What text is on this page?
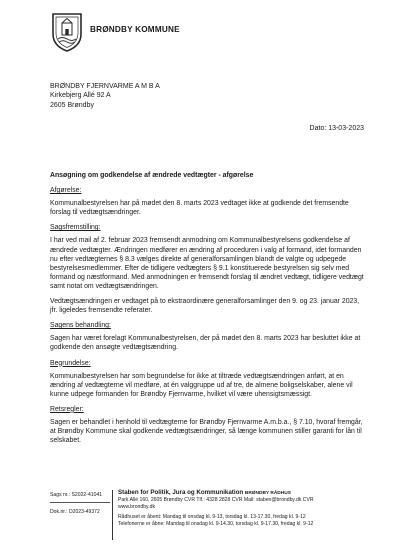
BRØNDBY KOMMUNE
BRØNDBY FJERNVARME A M B A
Kirkebjerg Allé 92 A
2605 Brøndby
Dato: 13-03-2023
Ansøgning om godkendelse af ændrede vedtægter - afgørelse
Afgørelse:
Kommunalbestyrelsen har på mødet den 8. marts 2023 vedtaget ikke at godkende det fremsendte forslag til vedtægtsændringer.
Sagsfremstilling:
I har ved mail af 2. februar 2023 fremsendt anmodning om Kommunalbestyrelsens godkendelse af ændrede vedtægter. Ændringen medfører en ændring af proceduren i valg af formand, idet formanden nu efter vedtægternes § 8.3 vælges direkte af generalforsamlingen blandt de valgte og udpegede bestyrelsesmedlemmer. Efter de tidligere vedtægters § 9.1 konstituerede bestyrelsen sig selv med formand og næstformand. Med anmodningen er fremsendt forslag til ændret vedtægt, tidligere vedtægt samt notat om vedtægtsændringen.
Vedtægtsændringen er vedtaget på to ekstraordinære generalforsamlinger den 9. og 23. januar 2023, jfr. ligeledes fremsendte referater.
Sagens behandling:
Sagen har været forelagt Kommunalbestyrelsen, der på mødet den 8. marts 2023 har besluttet ikke at godkende den ansøgte vedtægtsændring.
Begrundelse:
Kommunalbestyrelsen har som begrundelse for ikke at tiltræde vedtægtsændringen anført, at en ændring af vedtægterne vil medføre, at én valggruppe ud af tre, de almene boligselskaber, alene vil kunne udpege formanden for Brøndby Fjernvarme, hvilket vil være uhensigtsmæssigt.
Retsregler:
Sagen er behandlet i henhold til vedtægterne for Brøndby Fjernvarme A.m.b.a., § 7.10, hvoraf fremgår, at Brøndby Kommune skal godkende vedtægtsændringer, så længe kommunen stiller garanti for lån til selskabet.
Sags nr.: S2022-41041
Dok.nr.: D2023-49372
Staben for Politik, Jura og Kommunikation BRØNDBY RÅDHUS
Park Allé 160, 2605 Brøndby CVR Tlf.: 4328 2828 CVR Mail: staben@brondby.dk CVR
www.brondby.dk
Rådhuset er åbent: Mandag til onsdag kl. 9-13, torsdag kl. 13-17.30, fredag kl. 9-12
Telefonerne er åbne: Mandag til onsdag kl. 9-14.30, torsdag kl. 9-17.30, fredag kl. 9-12
